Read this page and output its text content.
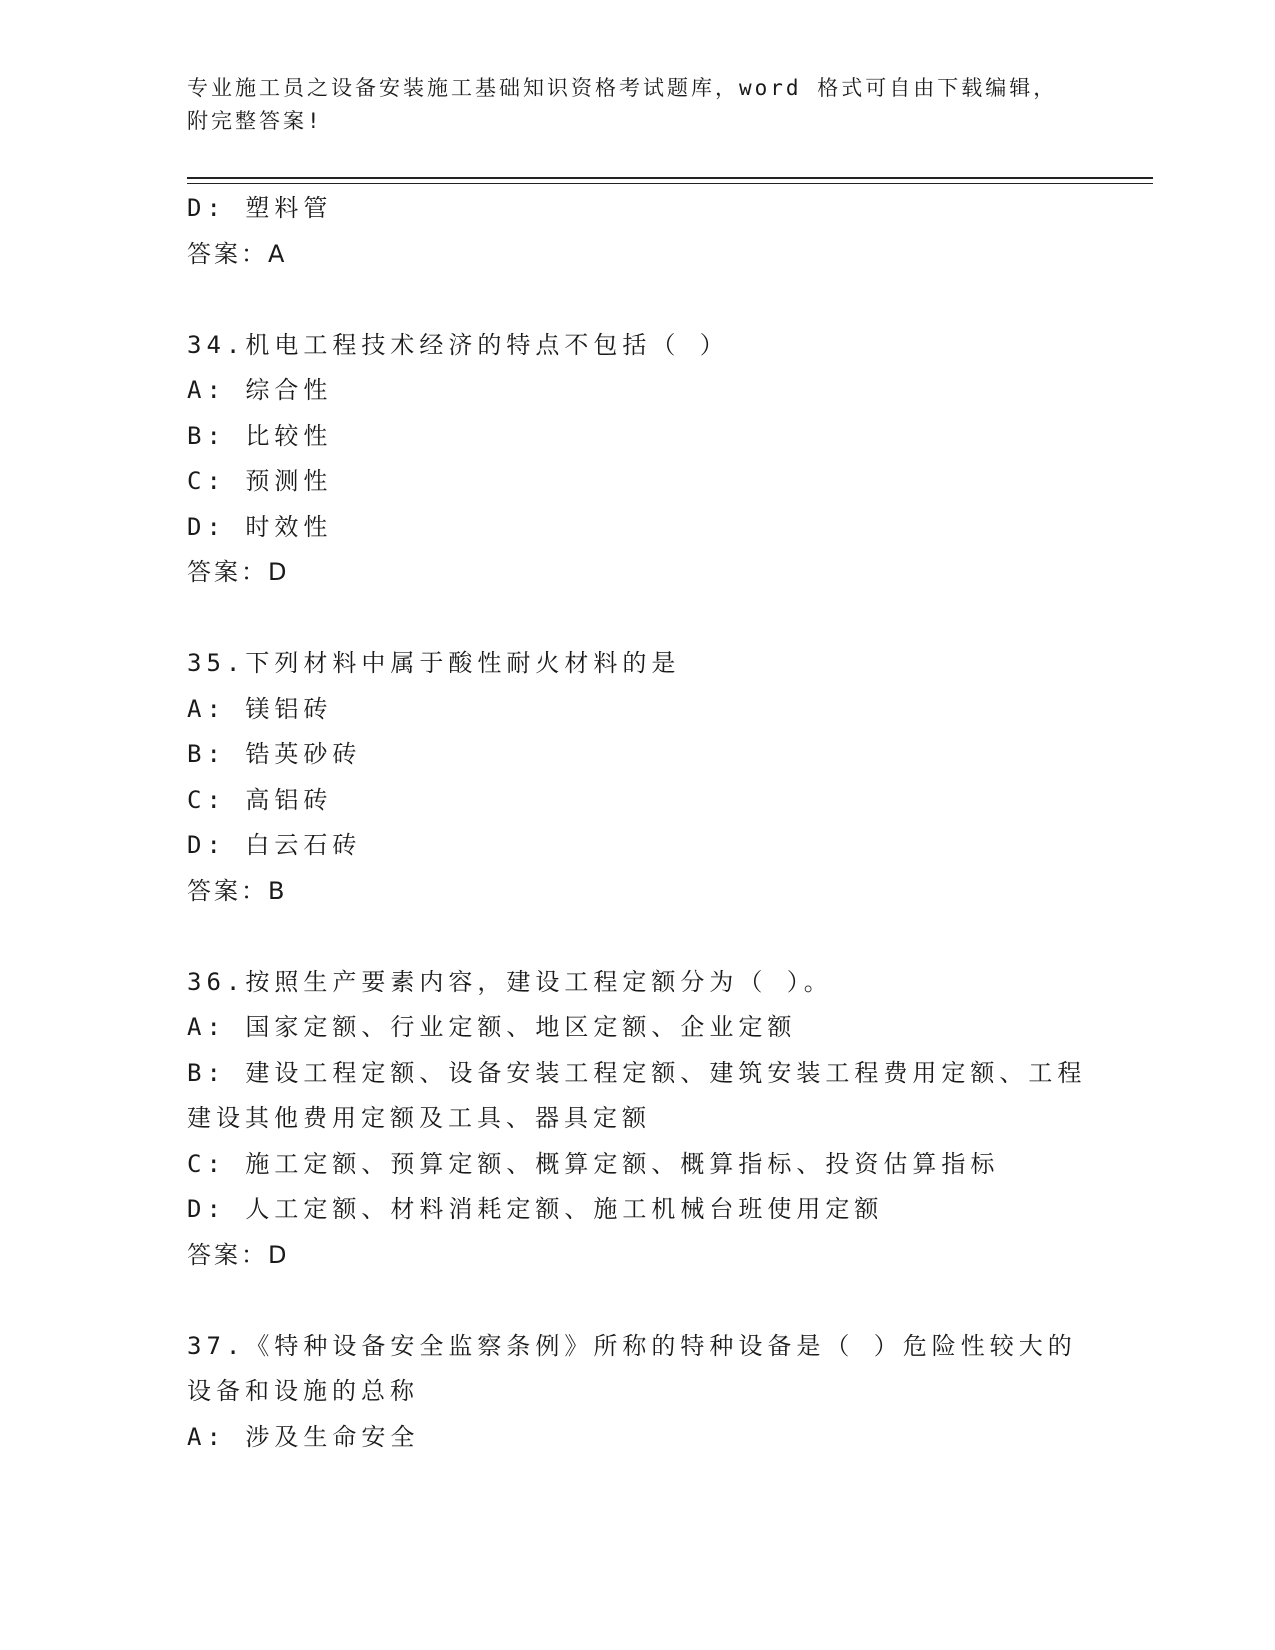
专业施工员之设备安装施工基础知识资格考试题库，word 格式可自由下载编辑，
附完整答案!
D: 塑料管
答案：A
34.机电工程技术经济的特点不包括（ ）
A: 综合性
B: 比较性
C: 预测性
D: 时效性
答案：D
35.下列材料中属于酸性耐火材料的是
A: 镁铝砖
B: 锆英砂砖
C: 高铝砖
D: 白云石砖
答案：B
36.按照生产要素内容，建设工程定额分为（ ）。
A: 国家定额、行业定额、地区定额、企业定额
B: 建设工程定额、设备安装工程定额、建筑安装工程费用定额、工程
建设其他费用定额及工具、器具定额
C: 施工定额、预算定额、概算定额、概算指标、投资估算指标
D: 人工定额、材料消耗定额、施工机械台班使用定额
答案：D
37.《特种设备安全监察条例》所称的特种设备是（ ）危险性较大的
设备和设施的总称
A: 涉及生命安全
